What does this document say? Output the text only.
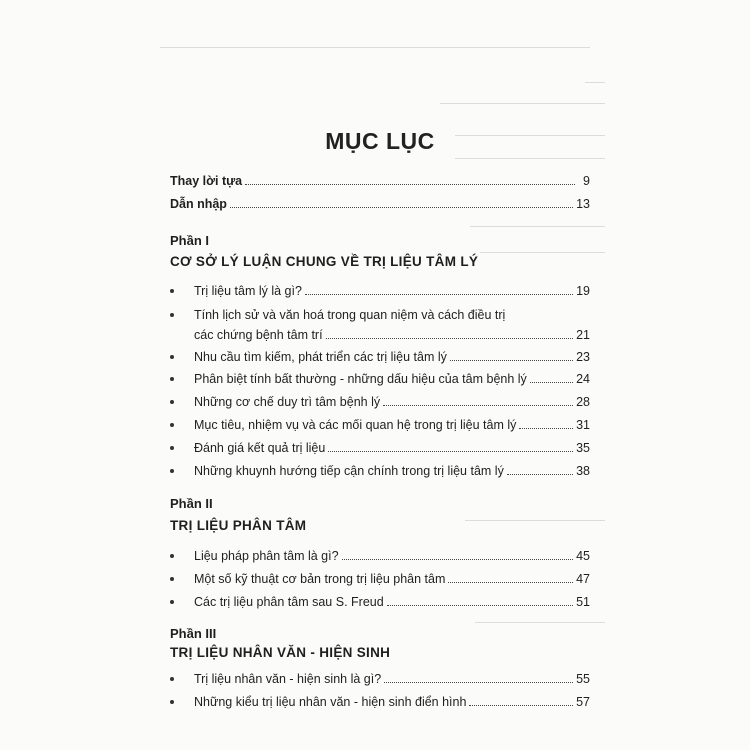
MỤC LỤC
Thay lời tựa	9
Dẫn nhập	13
Phần I
CƠ SỞ LÝ LUẬN CHUNG VỀ TRỊ LIỆU TÂM LÝ
Trị liệu tâm lý là gì?	19
Tính lịch sử và văn hoá trong quan niệm và cách điều trị
các chứng bệnh tâm trí	21
Nhu cầu tìm kiếm, phát triển các trị liệu tâm lý	23
Phân biệt tính bất thường - những dấu hiệu của tâm bệnh lý	24
Những cơ chế duy trì tâm bệnh lý	28
Mục tiêu, nhiệm vụ và các mối quan hệ trong trị liệu tâm lý	31
Đánh giá kết quả trị liệu	35
Những khuynh hướng tiếp cận chính trong trị liệu tâm lý	38
Phần II
TRỊ LIỆU PHÂN TÂM
Liệu pháp phân tâm là gì?	45
Một số kỹ thuật cơ bản trong trị liệu phân tâm	47
Các trị liệu phân tâm sau S. Freud	51
Phần III
TRỊ LIỆU NHÂN VĂN - HIỆN SINH
Trị liệu nhân văn - hiện sinh là gì?	55
Những kiểu trị liệu nhân văn - hiện sinh điển hình	57
